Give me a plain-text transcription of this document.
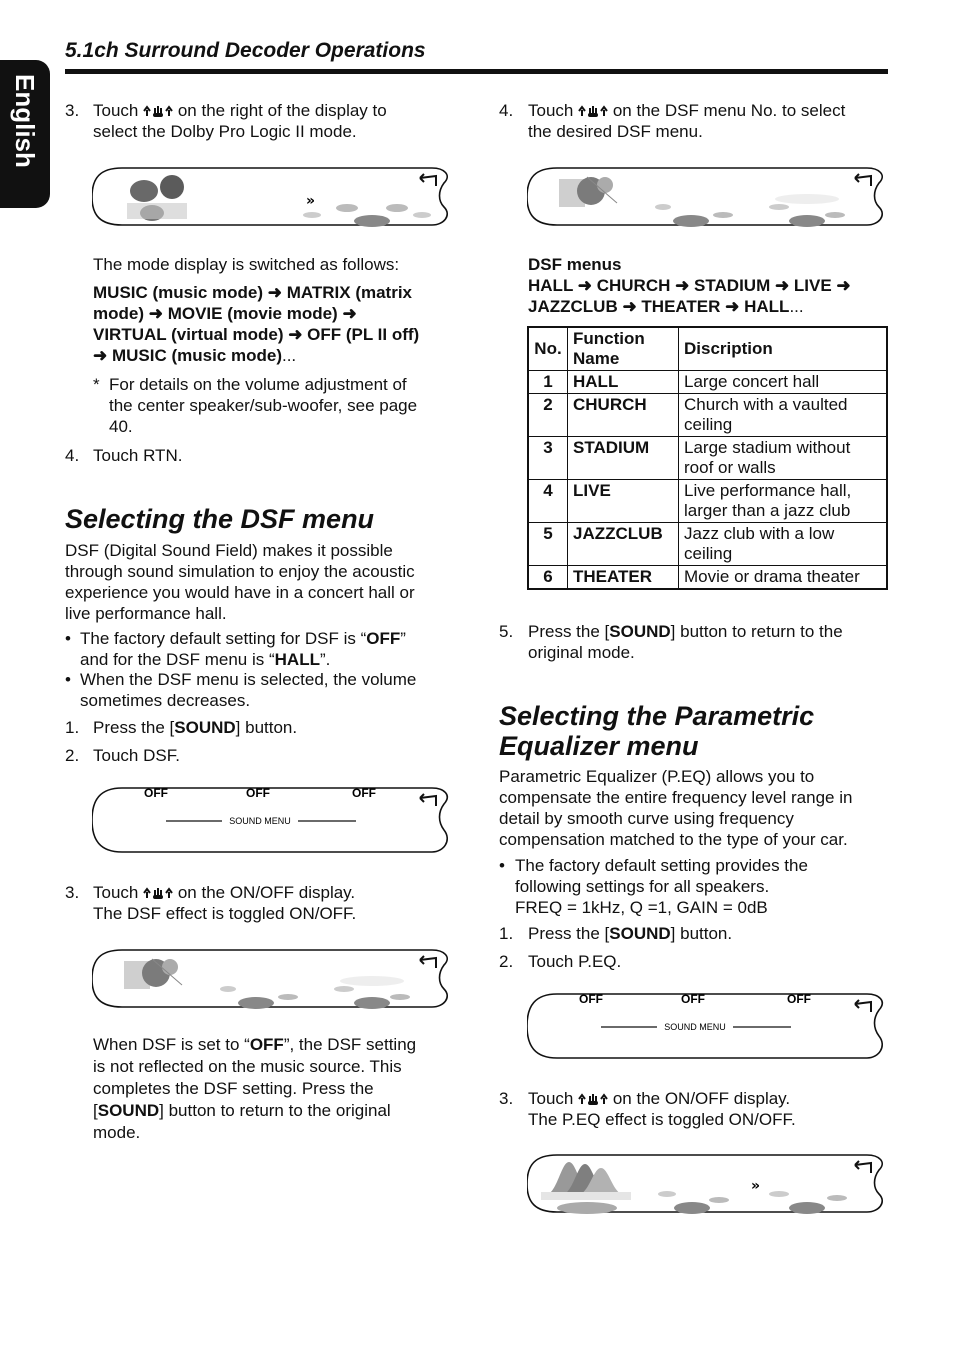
English
5.1ch Surround Decoder Operations
3. Touch on the right of the display to
select the Dolby Pro Logic II mode.
»
The mode display is switched as follows:
MUSIC (music mode) ➜ MATRIX (matrix
mode) ➜ MOVIE (movie mode) ➜
VIRTUAL (virtual mode) ➜ OFF (PL II off)
➜ MUSIC (music mode)...
* For details on the volume adjustment of
the center speaker/sub-woofer, see page
40.
4. Touch RTN.
Selecting the DSF menu
DSF (Digital Sound Field) makes it possible
through sound simulation to enjoy the acoustic
experience you would have in a concert hall or
live performance hall.
• The factory default setting for DSF is “OFF”
and for the DSF menu is “HALL”.
• When the DSF menu is selected, the volume
sometimes decreases.
1. Press the [SOUND] button.
2. Touch DSF.
OFF	OFF	OFF
SOUND MENU
3. Touch on the ON/OFF display.
The DSF effect is toggled ON/OFF.
When DSF is set to “OFF”, the DSF setting
is not reflected on the music source. This
completes the DSF setting. Press the
[SOUND] button to return to the original
mode.
4. Touch on the DSF menu No. to select
the desired DSF menu.
DSF menus
HALL ➜ CHURCH ➜ STADIUM ➜ LIVE ➜
JAZZCLUB ➜ THEATER ➜ HALL...
No.	Function Name	Discription
1	HALL	Large concert hall
2	CHURCH	Church with a vaulted ceiling
3	STADIUM	Large stadium without roof or walls
4	LIVE	Live performance hall, larger than a jazz club
5	JAZZCLUB	Jazz club with a low ceiling
6	THEATER	Movie or drama theater
5. Press the [SOUND] button to return to the
original mode.
Selecting the Parametric
Equalizer menu
Parametric Equalizer (P.EQ) allows you to
compensate the entire frequency level range in
detail by smooth curve using frequency
compensation matched to the type of your car.
• The factory default setting provides the
following settings for all speakers.
FREQ = 1kHz, Q =1, GAIN = 0dB
1. Press the [SOUND] button.
2. Touch P.EQ.
OFF	OFF	OFF
SOUND MENU
3. Touch on the ON/OFF display.
The P.EQ effect is toggled ON/OFF.
»
